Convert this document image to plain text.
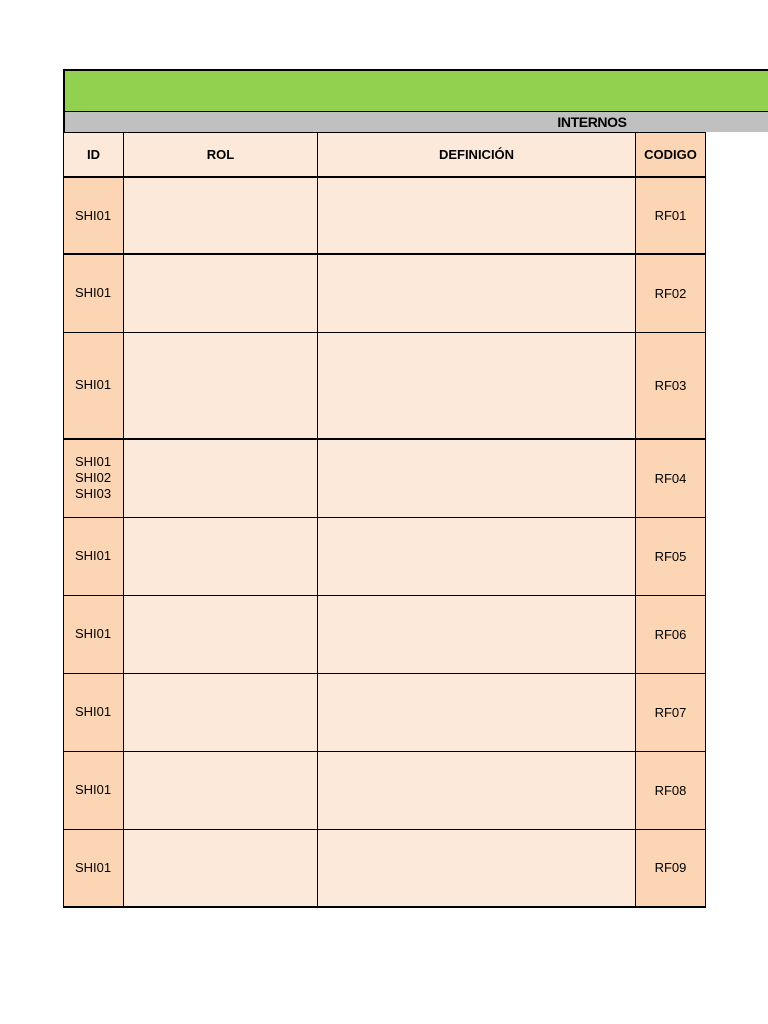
INTERNOS
ID	ROL	DEFINICIÓN	CODIGO

SHI01			RF01

SHI01			RF02

SHI01			RF03

SHI01
SHI02
SHI03			RF04

SHI01			RF05

SHI01			RF06

SHI01			RF07

SHI01			RF08

SHI01			RF09
